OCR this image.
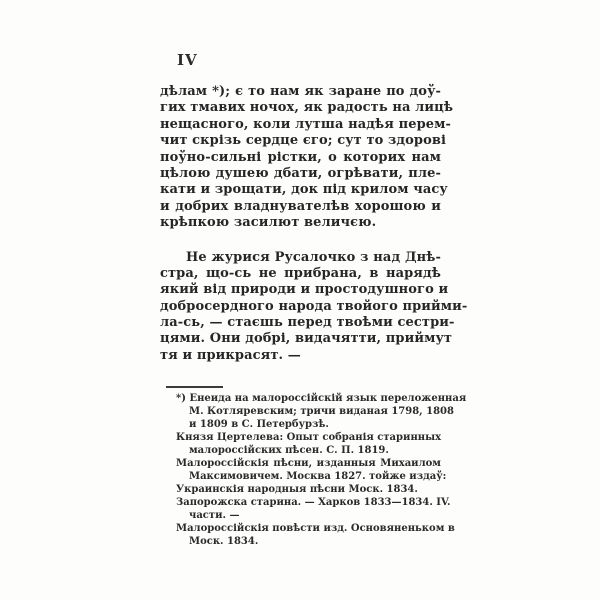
IV
дѣлам *); є то нам як заране по доў-
гих тмавих ночох, як радость на лицѣ
нещасного, коли лутша надѣя перем-
чит скрізь сердце єго; сут то здорові
поўно-сильні рістки, о которих нам
цѣлою душею дбати, огрѣвати, пле-
кати и зрощати, док під крилом часу
и добрих владнувателѣв хорошою и
крѣпкою засилют величєю.
Не журися Русалочко з над Днѣ-
стра, що-сь не прибрана, в нарядѣ
який від природи и простодушного и
добросердного народа твойого прийми-
ла-сь, — стаєшь перед твоѣми сестри-
цями. Они добрі, видачятти, приймут
тя и прикрасят. —
*) Енеида на малороссійскій язык переложенная
М. Котляревским; тричи виданая 1798, 1808
и 1809 в С. Петербурзѣ.
Князя Цертелева: Опыт собранія старинных
малороссійских пѣсен. С. П. 1819.
Малороссійскія пѣсни, изданныя Михаилом
Максимовичем. Москва 1827. тойже издаў:
Украинскія народныя пѣсни Моск. 1834.
Запорожска старина. — Харков 1833—1834. IV.
части. —
Малороссійскія повѣсти изд. Основяненьком в
Моск. 1834.
